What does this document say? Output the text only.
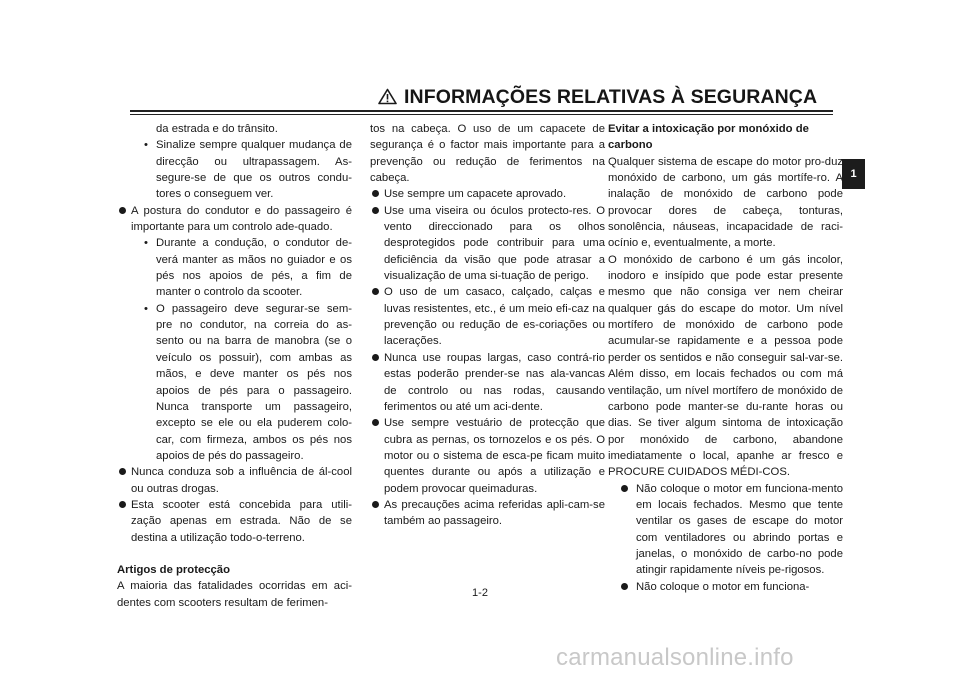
INFORMAÇÕES RELATIVAS À SEGURANÇA
1

da estrada e do trânsito.

• Sinalize sempre qualquer mudança de direcção ou ultrapassagem. As-segure-se de que os outros condu-tores o conseguem ver.
A postura do condutor e do passageiro é importante para um controlo ade-quado.
• Durante a condução, o condutor de-verá manter as mãos no guiador e os pés nos apoios de pés, a fim de manter o controlo da scooter.
• O passageiro deve segurar-se sem-pre no condutor, na correia do as-sento ou na barra de manobra (se o veículo os possuir), com ambas as mãos, e deve manter os pés nos apoios de pés para o passageiro. Nunca transporte um passageiro, excepto se ele ou ela puderem colo-car, com firmeza, ambos os pés nos apoios de pés do passageiro.
Nunca conduza sob a influência de ál-cool ou outras drogas.
Esta scooter está concebida para utili-zação apenas em estrada. Não de se destina a utilização todo-o-terreno.
Artigos de protecção

A maioria das fatalidades ocorridas em aci-dentes com scooters resultam de ferimen-

tos na cabeça. O uso de um capacete de segurança é o factor mais importante para a prevenção ou redução de ferimentos na cabeça.

Use sempre um capacete aprovado.
Use uma viseira ou óculos protecto-res. O vento direccionado para os olhos desprotegidos pode contribuir para uma deficiência da visão que pode atrasar a visualização de uma si-tuação de perigo.
O uso de um casaco, calçado, calças e luvas resistentes, etc., é um meio efi-caz na prevenção ou redução de es-coriações ou lacerações.
Nunca use roupas largas, caso contrá-rio estas poderão prender-se nas ala-vancas de controlo ou nas rodas, causando ferimentos ou até um aci-dente.
Use sempre vestuário de protecção que cubra as pernas, os tornozelos e os pés. O motor ou o sistema de esca-pe ficam muito quentes durante ou após a utilização e podem provocar queimaduras.
As precauções acima referidas apli-cam-se também ao passageiro.
Evitar a intoxicação por monóxido de carbono

Qualquer sistema de escape do motor pro-duz monóxido de carbono, um gás mortífe-ro. A inalação de monóxido de carbono pode provocar dores de cabeça, tonturas, sonolência, náuseas, incapacidade de raci-ocínio e, eventualmente, a morte.

O monóxido de carbono é um gás incolor, inodoro e insípido que pode estar presente mesmo que não consiga ver nem cheirar qualquer gás do escape do motor. Um nível mortífero de monóxido de carbono pode acumular-se rapidamente e a pessoa pode perder os sentidos e não conseguir sal-var-se. Além disso, em locais fechados ou com má ventilação, um nível mortífero de monóxido de carbono pode manter-se du-rante horas ou dias. Se tiver algum sintoma de intoxicação por monóxido de carbono, abandone imediatamente o local, apanhe ar fresco e PROCURE CUIDADOS MÉDI-COS.

Não coloque o motor em funciona-mento em locais fechados. Mesmo que tente ventilar os gases de escape do motor com ventiladores ou abrindo portas e janelas, o monóxido de carbo-no pode atingir rapidamente níveis pe-rigosos.
Não coloque o motor em funciona-

1-2

carmanualsonline.info
